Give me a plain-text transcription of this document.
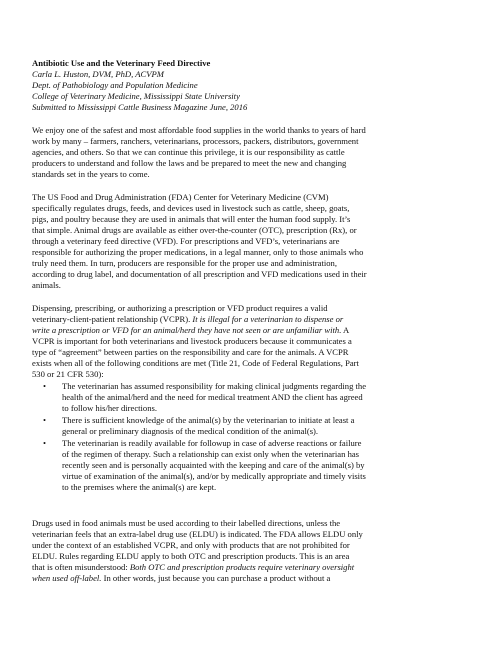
Antibiotic Use and the Veterinary Feed Directive
Carla L. Huston, DVM, PhD, ACVPM
Dept. of Pathobiology and Population Medicine
College of Veterinary Medicine, Mississippi State University
Submitted to Mississippi Cattle Business Magazine June, 2016
We enjoy one of the safest and most affordable food supplies in the world thanks to years of hard
work by many – farmers, ranchers, veterinarians, processors, packers, distributors, government
agencies, and others. So that we can continue this privilege, it is our responsibility as cattle
producers to understand and follow the laws and be prepared to meet the new and changing
standards set in the years to come.
The US Food and Drug Administration (FDA) Center for Veterinary Medicine (CVM)
specifically regulates drugs, feeds, and devices used in livestock such as cattle, sheep, goats,
pigs, and poultry because they are used in animals that will enter the human food supply. It’s
that simple. Animal drugs are available as either over-the-counter (OTC), prescription (Rx), or
through a veterinary feed directive (VFD). For prescriptions and VFD’s, veterinarians are
responsible for authorizing the proper medications, in a legal manner, only to those animals who
truly need them. In turn, producers are responsible for the proper use and administration,
according to drug label, and documentation of all prescription and VFD medications used in their
animals.
Dispensing, prescribing, or authorizing a prescription or VFD product requires a valid
veterinary-client-patient relationship (VCPR). It is illegal for a veterinarian to dispense or
write a prescription or VFD for an animal/herd they have not seen or are unfamiliar with. A
VCPR is important for both veterinarians and livestock producers because it communicates a
type of “agreement” between parties on the responsibility and care for the animals. A VCPR
exists when all of the following conditions are met (Title 21, Code of Federal Regulations, Part
530 or 21 CFR 530):
• The veterinarian has assumed responsibility for making clinical judgments regarding the
health of the animal/herd and the need for medical treatment AND the client has agreed
to follow his/her directions.
• There is sufficient knowledge of the animal(s) by the veterinarian to initiate at least a
general or preliminary diagnosis of the medical condition of the animal(s).
• The veterinarian is readily available for followup in case of adverse reactions or failure
of the regimen of therapy. Such a relationship can exist only when the veterinarian has
recently seen and is personally acquainted with the keeping and care of the animal(s) by
virtue of examination of the animal(s), and/or by medically appropriate and timely visits
to the premises where the animal(s) are kept.
Drugs used in food animals must be used according to their labelled directions, unless the
veterinarian feels that an extra-label drug use (ELDU) is indicated. The FDA allows ELDU only
under the context of an established VCPR, and only with products that are not prohibited for
ELDU. Rules regarding ELDU apply to both OTC and prescription products. This is an area
that is often misunderstood: Both OTC and prescription products require veterinary oversight
when used off-label. In other words, just because you can purchase a product without a
